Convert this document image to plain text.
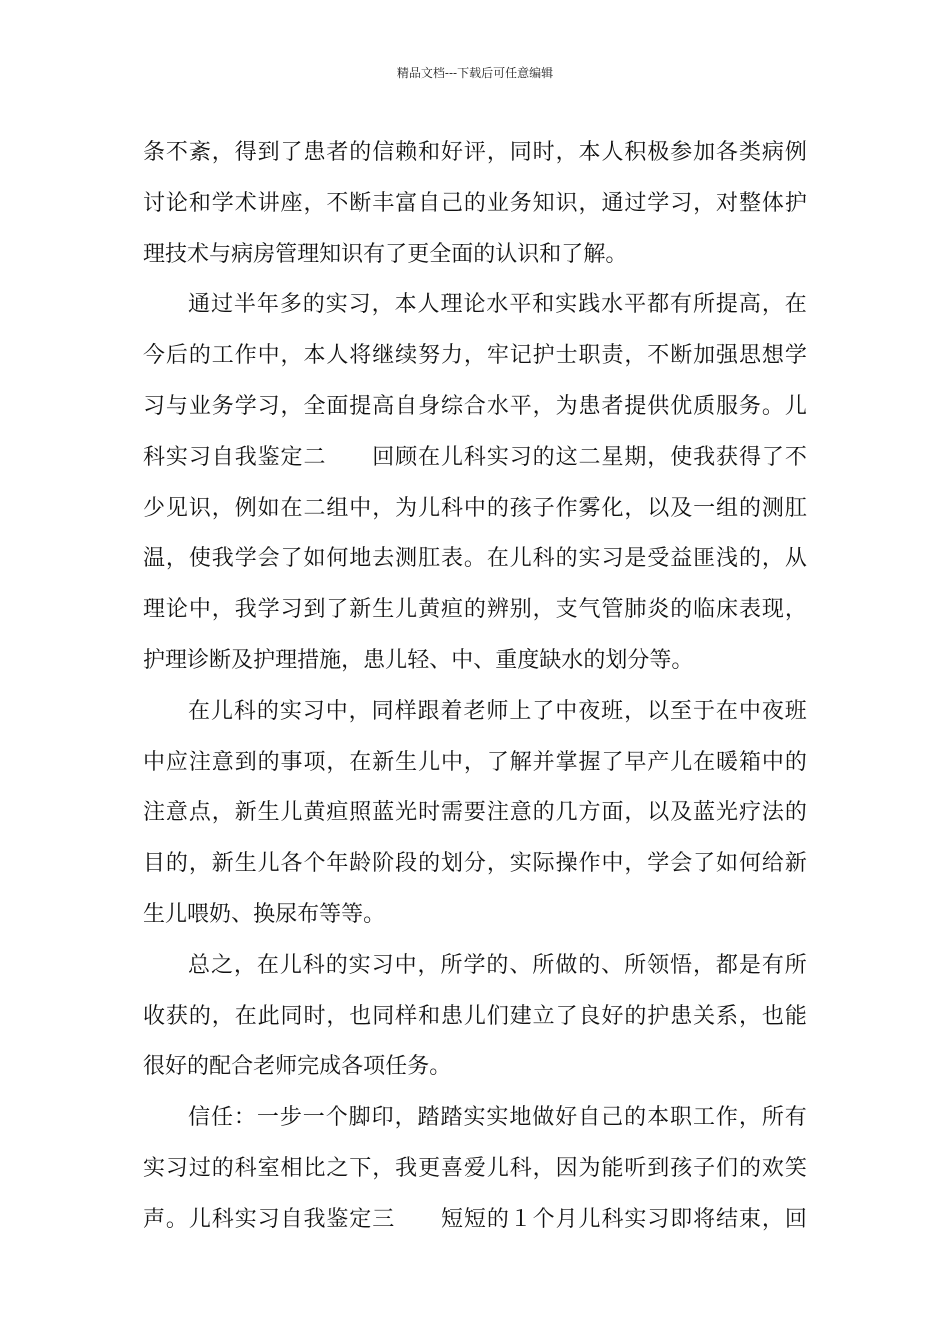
精品文档---下载后可任意编辑
条 不 紊 ， 得 到 了 患 者 的 信 赖 和 好 评 ， 同 时 ， 本 人 积 极 参 加 各 类 病 例
讨 论 和 学 术 讲 座 ， 不 断 丰 富 自 己 的 业 务 知 识 ， 通 过 学 习 ， 对 整 体 护
理 技 术 与 病 房 管 理 知 识 有 了 更 全 面 的 认 识 和 了 解 。
通 过 半 年 多 的 实 习 ， 本 人 理 论 水 平 和 实 践 水 平 都 有 所 提 高 ， 在
今 后 的 工 作 中 ， 本 人 将 继 续 努 力 ， 牢 记 护 士 职 责 ， 不 断 加 强 思 想 学
习 与 业 务 学 习 ， 全 面 提 高 自 身 综 合 水 平 ， 为 患 者 提 供 优 质 服 务 。 儿
科 实 习 自 我 鉴 定 二

　 回 顾 在 儿 科 实 习 的 这 二 星 期 ， 使 我 获 得 了 不
少 见 识 ， 例 如 在 二 组 中 ， 为 儿 科 中 的 孩 子 作 雾 化 ， 以 及 一 组 的 测 肛
温 ， 使 我 学 会 了 如 何 地 去 测 肛 表 。 在 儿 科 的 实 习 是 受 益 匪 浅 的 ， 从
理 论 中 ， 我 学 习 到 了 新 生 儿 黄 疸 的 辨 别 ， 支 气 管 肺 炎 的 临 床 表 现 ，
护 理 诊 断 及 护 理 措 施 ， 患 儿 轻 、 中 、 重 度 缺 水 的 划 分 等 。
在 儿 科 的 实 习 中 ， 同 样 跟 着 老 师 上 了 中 夜 班 ， 以 至 于 在 中 夜 班
中 应 注 意 到 的 事 项 ， 在 新 生 儿 中 ， 了 解 并 掌 握 了 早 产 儿 在 暖 箱 中 的
注 意 点 ， 新 生 儿 黄 疸 照 蓝 光 时 需 要 注 意 的 几 方 面 ， 以 及 蓝 光 疗 法 的
目 的 ， 新 生 儿 各 个 年 龄 阶 段 的 划 分 ， 实 际 操 作 中 ， 学 会 了 如 何 给 新
生 儿 喂 奶 、 换 尿 布 等 等 。
总 之 ， 在 儿 科 的 实 习 中 ， 所 学 的 、 所 做 的 、 所 领 悟 ， 都 是 有 所
收 获 的 ， 在 此 同 时 ， 也 同 样 和 患 儿 们 建 立 了 良 好 的 护 患 关 系 ， 也 能
很 好 的 配 合 老 师 完 成 各 项 任 务 。
信 任 ： 一 步 一 个 脚 印 ， 踏 踏 实 实 地 做 好 自 己 的 本 职 工 作 ， 所 有
实 习 过 的 科 室 相 比 之 下 ， 我 更 喜 爱 儿 科 ， 因 为 能 听 到 孩 子 们 的 欢 笑
声 。 儿 科 实 习 自 我 鉴 定 三

　 短 短 的 １ 个 月 儿 科 实 习 即 将 结 束 ， 回
